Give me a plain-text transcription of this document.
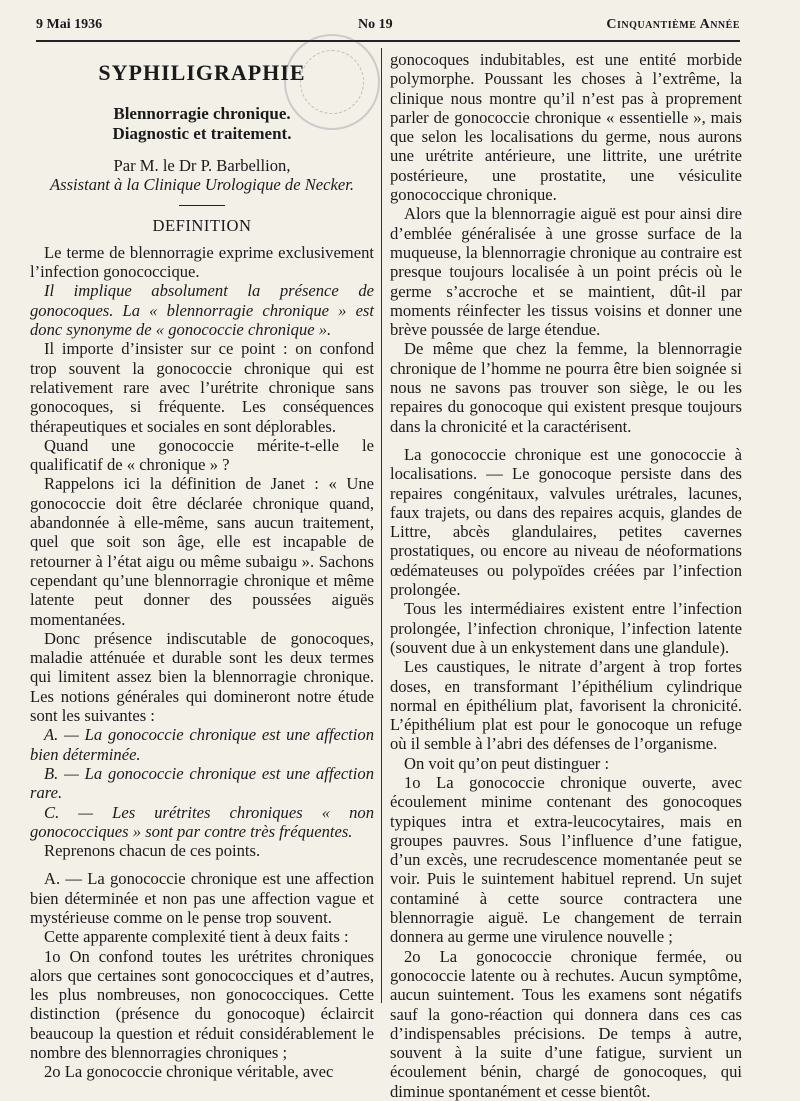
9 Mai 1936	No 19	Cinquantième Année
SYPHILIGRAPHIE
Blennorragie chronique.
Diagnostic et traitement.

Par M. le Dr P. Barbellion,

Assistant à la Clinique Urologique de Necker.

DEFINITION

Le terme de blennorragie exprime exclusivement l’infection gonococcique.

Il implique absolument la présence de gonocoques. La « blennorragie chronique » est donc synonyme de « gonococcie chronique ».

Il importe d’insister sur ce point : on confond trop souvent la gonococcie chronique qui est relativement rare avec l’urétrite chronique sans gonocoques, si fréquente. Les conséquences thérapeutiques et sociales en sont déplorables.

Quand une gonococcie mérite-t-elle le qualificatif de « chronique » ?

Rappelons ici la définition de Janet : « Une gonococcie doit être déclarée chronique quand, abandonnée à elle-même, sans aucun traitement, quel que soit son âge, elle est incapable de retourner à l’état aigu ou même subaigu ». Sachons cependant qu’une blennorragie chronique et même latente peut donner des poussées aiguës momentanées.

Donc présence indiscutable de gonocoques, maladie atténuée et durable sont les deux termes qui limitent assez bien la blennorragie chronique. Les notions générales qui domineront notre étude sont les suivantes :

A. — La gonococcie chronique est une affection bien déterminée.

B. — La gonococcie chronique est une affection rare.

C. — Les urétrites chroniques « non gonococciques » sont par contre très fréquentes.

Reprenons chacun de ces points.

A. — La gonococcie chronique est une affection bien déterminée et non pas une affection vague et mystérieuse comme on le pense trop souvent.

Cette apparente complexité tient à deux faits :

1o On confond toutes les urétrites chroniques alors que certaines sont gonococciques et d’autres, les plus nombreuses, non gonococciques. Cette distinction (présence du gonocoque) éclaircit beaucoup la question et réduit considérablement le nombre des blennorragies chroniques ;

2o La gonococcie chronique véritable, avec

gonocoques indubitables, est une entité morbide polymorphe. Poussant les choses à l’extrême, la clinique nous montre qu’il n’est pas à proprement parler de gonococcie chronique « essentielle », mais que selon les localisations du germe, nous aurons une urétrite antérieure, une littrite, une urétrite postérieure, une prostatite, une vésiculite gonococcique chronique.

Alors que la blennorragie aiguë est pour ainsi dire d’emblée généralisée à une grosse surface de la muqueuse, la blennorragie chronique au contraire est presque toujours localisée à un point précis où le germe s’accroche et se maintient, dût-il par moments réinfecter les tissus voisins et donner une brève poussée de large étendue.

De même que chez la femme, la blennorragie chronique de l’homme ne pourra être bien soignée si nous ne savons pas trouver son siège, le ou les repaires du gonocoque qui existent presque toujours dans la chronicité et la caractérisent.

La gonococcie chronique est une gonococcie à localisations. — Le gonocoque persiste dans des repaires congénitaux, valvules urétrales, lacunes, faux trajets, ou dans des repaires acquis, glandes de Littre, abcès glandulaires, petites cavernes prostatiques, ou encore au niveau de néoformations œdémateuses ou polypoïdes créées par l’infection prolongée.

Tous les intermédiaires existent entre l’infection prolongée, l’infection chronique, l’infection latente (souvent due à un enkystement dans une glandule).

Les caustiques, le nitrate d’argent à trop fortes doses, en transformant l’épithélium cylindrique normal en épithélium plat, favorisent la chronicité. L’épithélium plat est pour le gonocoque un refuge où il semble à l’abri des défenses de l’organisme.

On voit qu’on peut distinguer :

1o La gonococcie chronique ouverte, avec écoulement minime contenant des gonocoques typiques intra et extra-leucocytaires, mais en groupes pauvres. Sous l’influence d’une fatigue, d’un excès, une recrudescence momentanée peut se voir. Puis le suintement habituel reprend. Un sujet contaminé à cette source contractera une blennorragie aiguë. Le changement de terrain donnera au germe une virulence nouvelle ;

2o La gonococcie chronique fermée, ou gonococcie latente ou à rechutes. Aucun symptôme, aucun suintement. Tous les examens sont négatifs sauf la gono-réaction qui donnera dans ces cas d’indispensables précisions. De temps à autre, souvent à la suite d’une fatigue, survient un écoulement bénin, chargé de gonocoques, qui diminue spontanément et cesse bientôt.
